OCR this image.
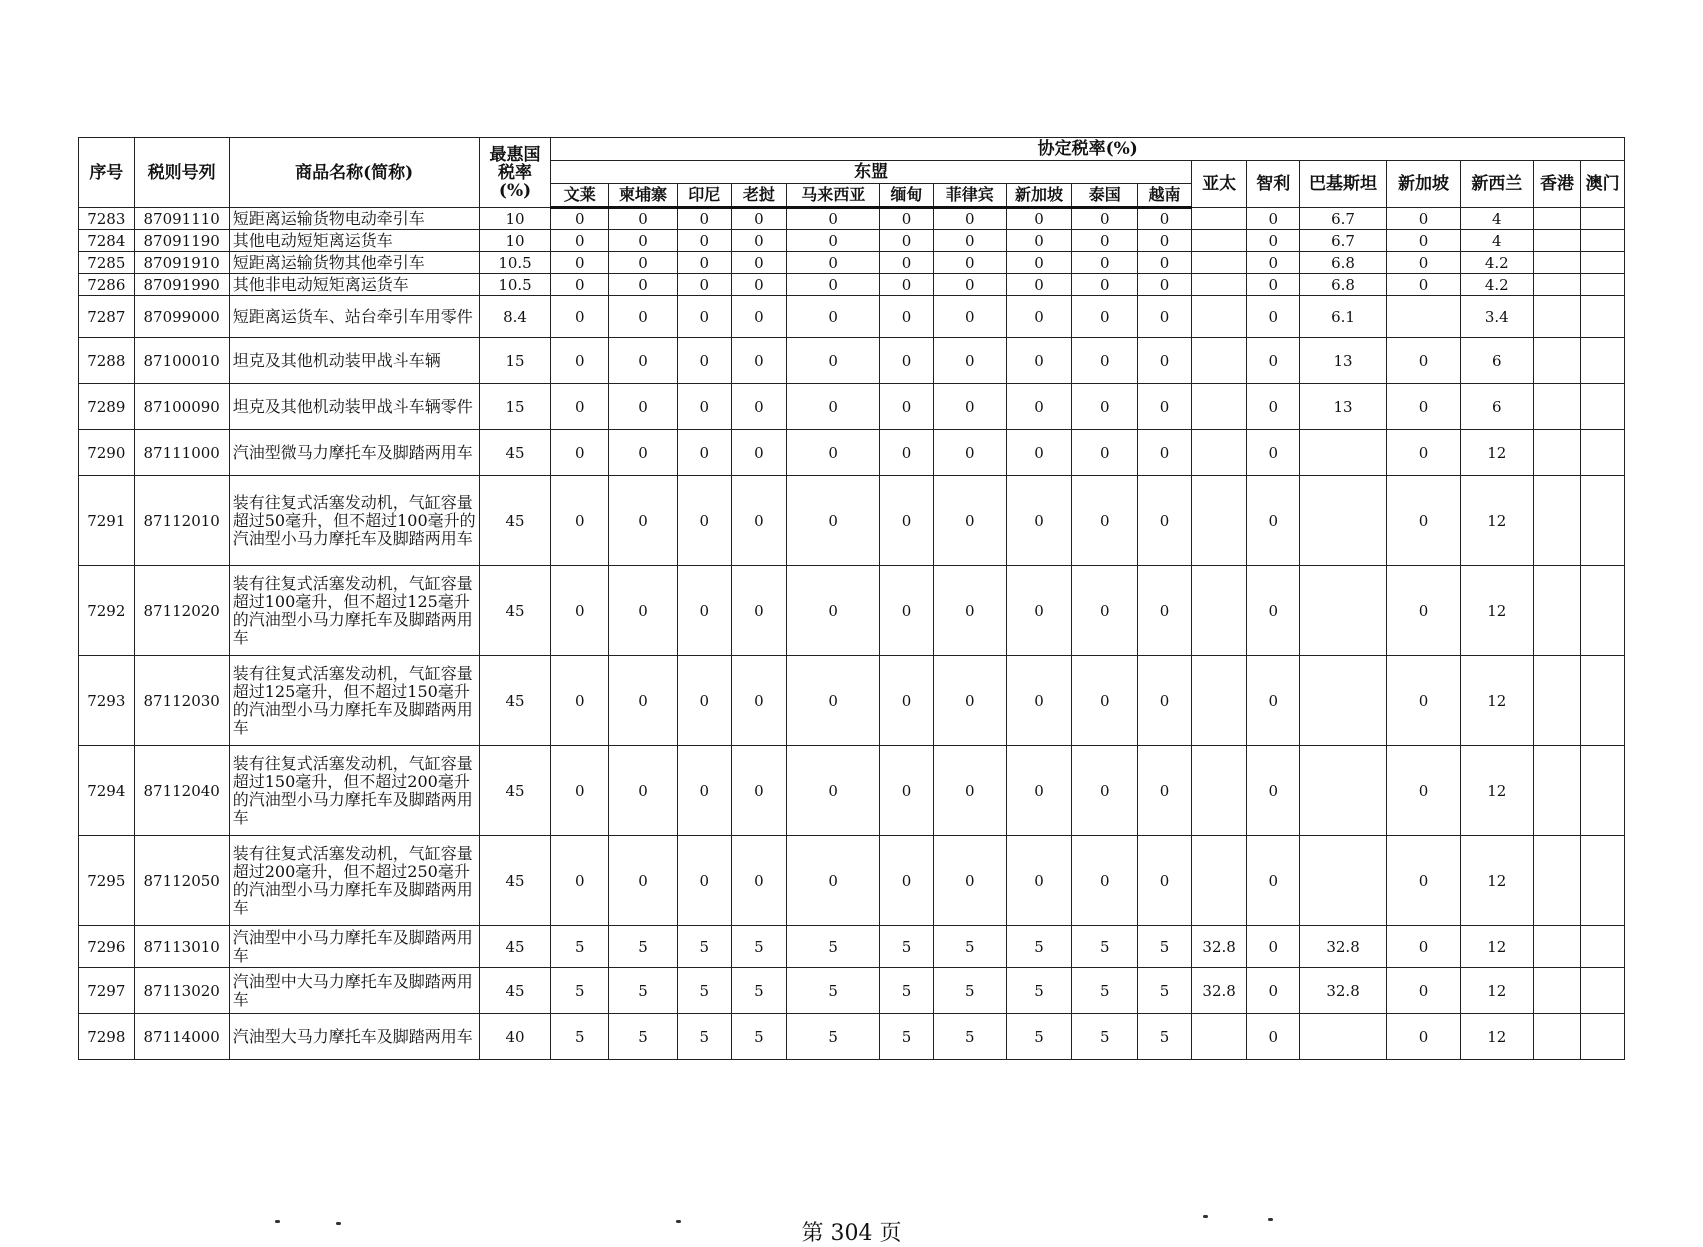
序号	税则号列	商品名称(简称)	最惠国
税率
(%)	协定税率(%)																
				东盟										亚太	智利	巴基斯坦	新加坡	新西兰	香港	澳门
				文莱	柬埔寨	印尼	老挝	马来西亚	缅甸	菲律宾	新加坡	泰国	越南							
7283	87091110	短距离运输货物电动牵引车	10	0	0	0	0	0	0	0	0	0	0		0	6.7	0	4		
7284	87091190	其他电动短矩离运货车	10	0	0	0	0	0	0	0	0	0	0		0	6.7	0	4		
7285	87091910	短距离运输货物其他牵引车	10.5	0	0	0	0	0	0	0	0	0	0		0	6.8	0	4.2		
7286	87091990	其他非电动短矩离运货车	10.5	0	0	0	0	0	0	0	0	0	0		0	6.8	0	4.2		
7287	87099000	短距离运货车、站台牵引车用零件	8.4	0	0	0	0	0	0	0	0	0	0		0	6.1		3.4		
7288	87100010	坦克及其他机动装甲战斗车辆	15	0	0	0	0	0	0	0	0	0	0		0	13	0	6		
7289	87100090	坦克及其他机动装甲战斗车辆零件	15	0	0	0	0	0	0	0	0	0	0		0	13	0	6		
7290	87111000	汽油型微马力摩托车及脚踏两用车	45	0	0	0	0	0	0	0	0	0	0		0		0	12		
7291	87112010	装有往复式活塞发动机，气缸容量超过50毫升，但不超过100毫升的汽油型小马力摩托车及脚踏两用车	45	0	0	0	0	0	0	0	0	0	0		0		0	12		
7292	87112020	装有往复式活塞发动机，气缸容量超过100毫升，但不超过125毫升的汽油型小马力摩托车及脚踏两用车	45	0	0	0	0	0	0	0	0	0	0		0		0	12		
7293	87112030	装有往复式活塞发动机，气缸容量超过125毫升，但不超过150毫升的汽油型小马力摩托车及脚踏两用车	45	0	0	0	0	0	0	0	0	0	0		0		0	12		
7294	87112040	装有往复式活塞发动机，气缸容量超过150毫升，但不超过200毫升的汽油型小马力摩托车及脚踏两用车	45	0	0	0	0	0	0	0	0	0	0		0		0	12		
7295	87112050	装有往复式活塞发动机，气缸容量超过200毫升，但不超过250毫升的汽油型小马力摩托车及脚踏两用车	45	0	0	0	0	0	0	0	0	0	0		0		0	12		
7296	87113010	汽油型中小马力摩托车及脚踏两用车	45	5	5	5	5	5	5	5	5	5	5	32.8	0	32.8	0	12		
7297	87113020	汽油型中大马力摩托车及脚踏两用车	45	5	5	5	5	5	5	5	5	5	5	32.8	0	32.8	0	12		
7298	87114000	汽油型大马力摩托车及脚踏两用车	40	5	5	5	5	5	5	5	5	5	5		0		0	12		
第 304 页
